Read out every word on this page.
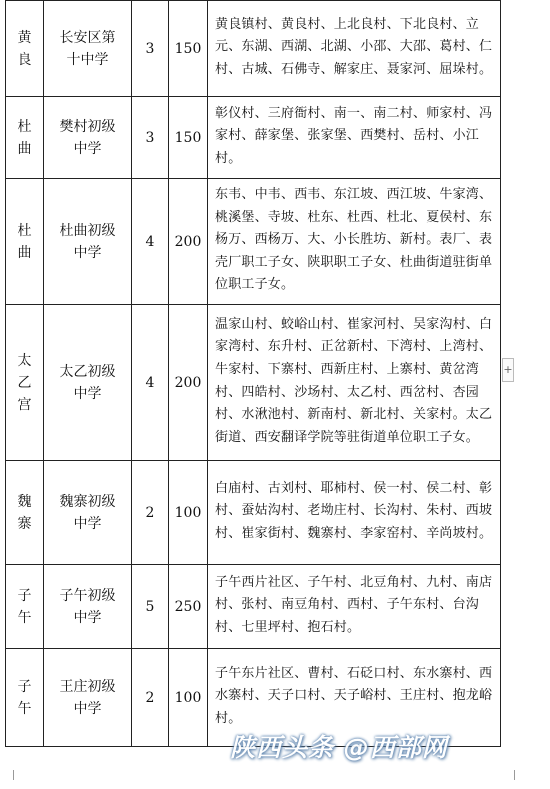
黄良	长安区第十中学	3	150	黄良镇村、黄良村、上北良村、下北良村、立元、东湖、西湖、北湖、小邵、大邵、葛村、仁村、古城、石佛寺、解家庄、聂家河、屈垛村。
杜曲	樊村初级中学	3	150	彰仪村、三府衙村、南一、南二村、师家村、冯家村、薛家堡、张家堡、西樊村、岳村、小江村。
杜曲	杜曲初级中学	4	200	东韦、中韦、西韦、东江坡、西江坡、牛家湾、桃溪堡、寺坡、杜东、杜西、杜北、夏侯村、东杨万、西杨万、大、小长胜坊、新村。表厂、表壳厂职工子女、陕职职工子女、杜曲街道驻街单位职工子女。
太乙宫	太乙初级中学	4	200	温家山村、蛟峪山村、崔家河村、吴家沟村、白家湾村、东升村、正岔新村、下湾村、上湾村、牛家村、下寨村、西新庄村、上寨村、黄岔湾村、四皓村、沙场村、太乙村、西岔村、杏园村、水湫池村、新南村、新北村、关家村。太乙街道、西安翻译学院等驻街道单位职工子女。
魏寨	魏寨初级中学	2	100	白庙村、古刘村、耶柿村、侯一村、侯二村、彰村、蚕姑沟村、老坳庄村、长沟村、朱村、西坡村、崔家街村、魏寨村、李家窑村、辛尚坡村。
子午	子午初级中学	5	250	子午西片社区、子午村、北豆角村、九村、南店村、张村、南豆角村、西村、子午东村、台沟村、七里坪村、抱石村。
子午	王庄初级中学	2	100	子午东片社区、曹村、石砭口村、东水寨村、西水寨村、天子口村、天子峪村、王庄村、抱龙峪村。
+
陕西头条 @西部网
